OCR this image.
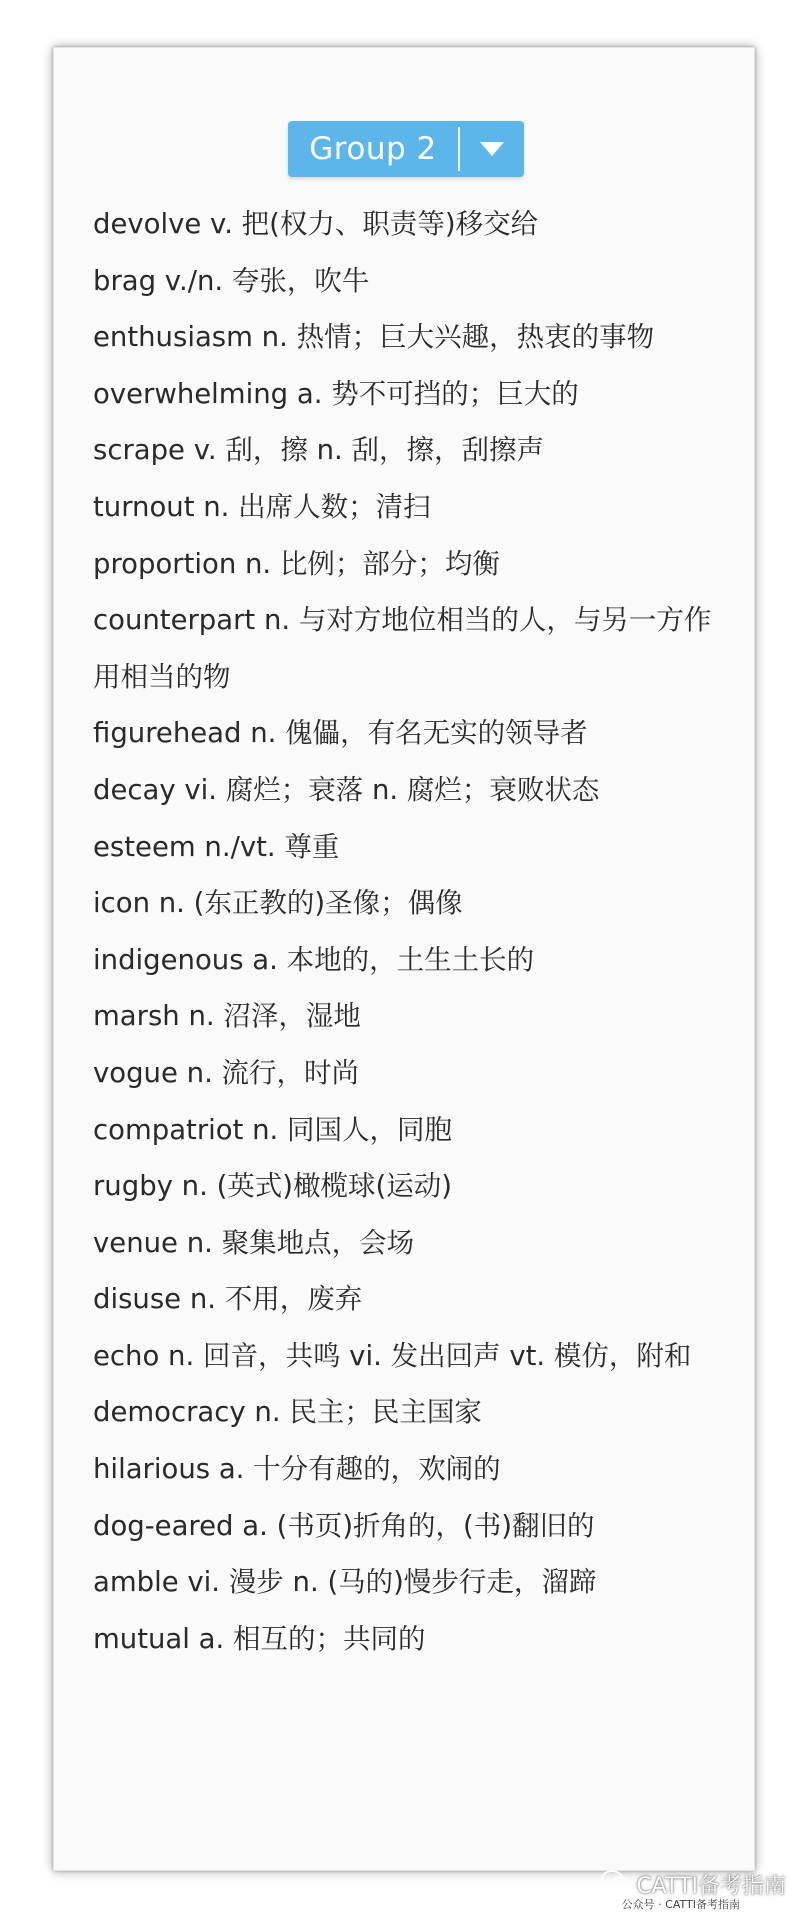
Group 2
devolve v. 把(权力、职责等)移交给
brag v./n. 夸张，吹牛
enthusiasm n. 热情；巨大兴趣，热衷的事物
overwhelming a. 势不可挡的；巨大的
scrape v. 刮，擦 n. 刮，擦，刮擦声
turnout n. 出席人数；清扫
proportion n. 比例；部分；均衡
counterpart n. 与对方地位相当的人，与另一方作用相当的物
figurehead n. 傀儡，有名无实的领导者
decay vi. 腐烂；衰落 n. 腐烂；衰败状态
esteem n./vt. 尊重
icon n. (东正教的)圣像；偶像
indigenous a. 本地的，土生土长的
marsh n. 沼泽，湿地
vogue n. 流行，时尚
compatriot n. 同国人，同胞
rugby n. (英式)橄榄球(运动)
venue n. 聚集地点，会场
disuse n. 不用，废弃
echo n. 回音，共鸣 vi. 发出回声 vt. 模仿，附和
democracy n. 民主；民主国家
hilarious a. 十分有趣的，欢闹的
dog-eared a. (书页)折角的，(书)翻旧的
amble vi. 漫步 n. (马的)慢步行走，溜蹄
mutual a. 相互的；共同的
CATTI备考指南
公众号 · CATTI备考指南
